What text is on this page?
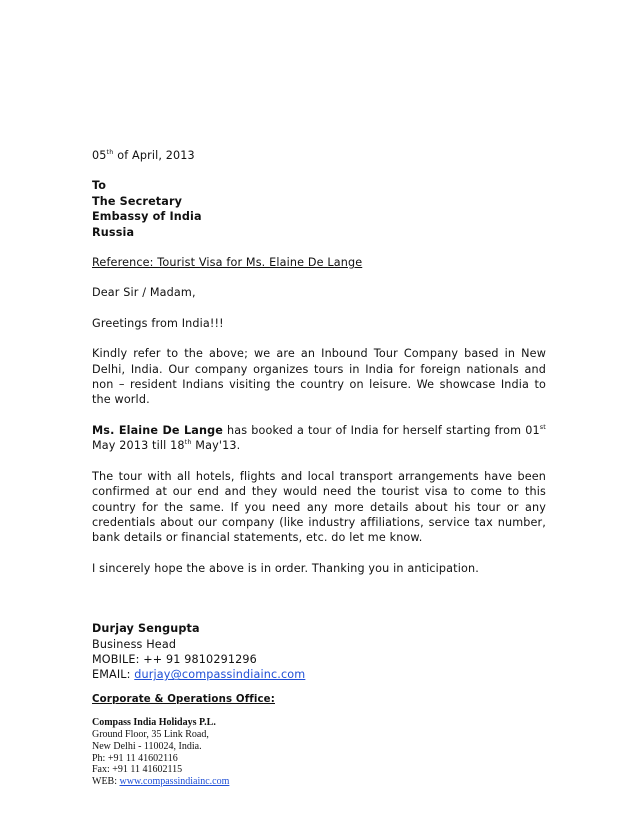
05th of April, 2013

To

The Secretary

Embassy of India

Russia

Reference: Tourist Visa for Ms. Elaine De Lange

Dear Sir / Madam,

Greetings from India!!!

Kindly refer to the above; we are an Inbound Tour Company based in New Delhi, India. Our company organizes tours in India for foreign nationals and non – resident Indians visiting the country on leisure. We showcase India to the world.

Ms. Elaine De Lange has booked a tour of India for herself starting from 01st May 2013 till 18th May'13.

The tour with all hotels, flights and local transport arrangements have been confirmed at our end and they would need the tourist visa to come to this country for the same. If you need any more details about his tour or any credentials about our company (like industry affiliations, service tax number, bank details or financial statements, etc. do let me know.

I sincerely hope the above is in order. Thanking you in anticipation.

Durjay Sengupta

Business Head

MOBILE: ++ 91 9810291296

EMAIL: durjay@compassindiainc.com

Corporate & Operations Office:

Compass India Holidays P.L.

Ground Floor, 35 Link Road,

New Delhi - 110024, India.

Ph: +91 11 41602116

Fax: +91 11 41602115

WEB: www.compassindiainc.com
